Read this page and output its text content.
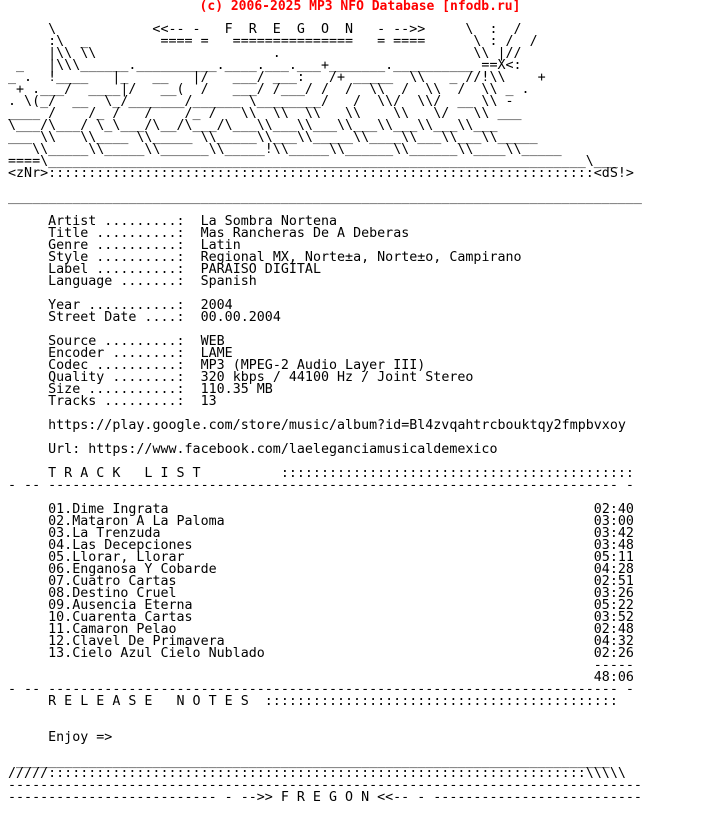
(c) 2006-2025 MP3 NFO Database [nfodb.ru]
\            <<-- -   F  R  E  G  O  N   - -->>     \  :  /
:\  _         ==== =   ===============   = ====      \ : /  /
|\\ \\                      .                        \\ |//
_   |\\\______.__________.____.___.___+_______.__________ ==X<:
_ .  !____   |_   __   |/   ___/ ___:   /+ _____  \\   _ //!\\    +
+ .___/  ____|/   __(  /   ___/ /___/ /  /  \\  /  \\  /  \\ _ .
. \(_/  __  \_/_______/______ \________/   /  \\/  \\/  __ \\ -
____ /    /_ /   /    /_ /   \\  \\  \\   \\    \\   \/   \\ ___
\___/\___/ \_\___/\__/\___/\___\\___\\___\\___\\___\\___\\___
___ \\   \\____ \\_____ \\_____\\___\\_____\\____\\___\\___\\_____
\\_____\\_____\\______\\_____!\\_____\\______\\______\\____\\_____
====\___________________________________________________________________\___
<zNr>::::::::::::::::::::::::::::::::::::::::::::::::::::::::::::::::::::<dS!>
_______________________________________________________________________________
Artist .........: La Sombra Nortena
Title ..........: Mas Rancheras De A Deberas
Genre ..........: Latin
Style ..........: Regional MX, Norte±a, Norte±o, Campirano
Label ..........: PARAISO DIGITAL
Language .......: Spanish
Year ...........: 2004
Street Date ....: 00.00.2004
Source .........: WEB
Encoder ........: LAME
Codec ..........: MP3 (MPEG-2 Audio Layer III)
Quality ........: 320 kbps / 44100 Hz / Joint Stereo
Size ...........: 110.35 MB
Tracks .........: 13
https://play.google.com/store/music/album?id=Bl4zvqahtrcbouktqy2fmpbvxoy
Url: https://www.facebook.com/laeleganciamusicaldemexico
T R A C K   L I S T          ::::::::::::::::::::::::::::::::::::::::::::
- -- ----------------------------------------------------------------------- -
01.Dime Ingrata	02:40
02.Mataron A La Paloma	03:00
03.La Trenzuda	03:42
04.Las Decepciones	03:48
05.Llorar, Llorar	05:11
06.Enganosa Y Cobarde	04:28
07.Cuatro Cartas	02:51
08.Destino Cruel	03:26
09.Ausencia Eterna	05:22
10.Cuarenta Cartas	03:52
11.Camaron Pelao	02:48
12.Clavel De Primavera	04:32
13.Cielo Azul Cielo Nublado	02:26
-----
48:06
- -- ----------------------------------------------------------------------- -
R E L E A S E   N O T E S  ::::::::::::::::::::::::::::::::::::::::::::
Enjoy =>
__________________________________________________________________________
/////:::::::::::::::::::::::::::::::::::::::::::::::::::::::::::::::::::\\\\\
-------------------------------------------------------------------------------
-------------------------- - -->> F R E G O N <<-- - --------------------------
